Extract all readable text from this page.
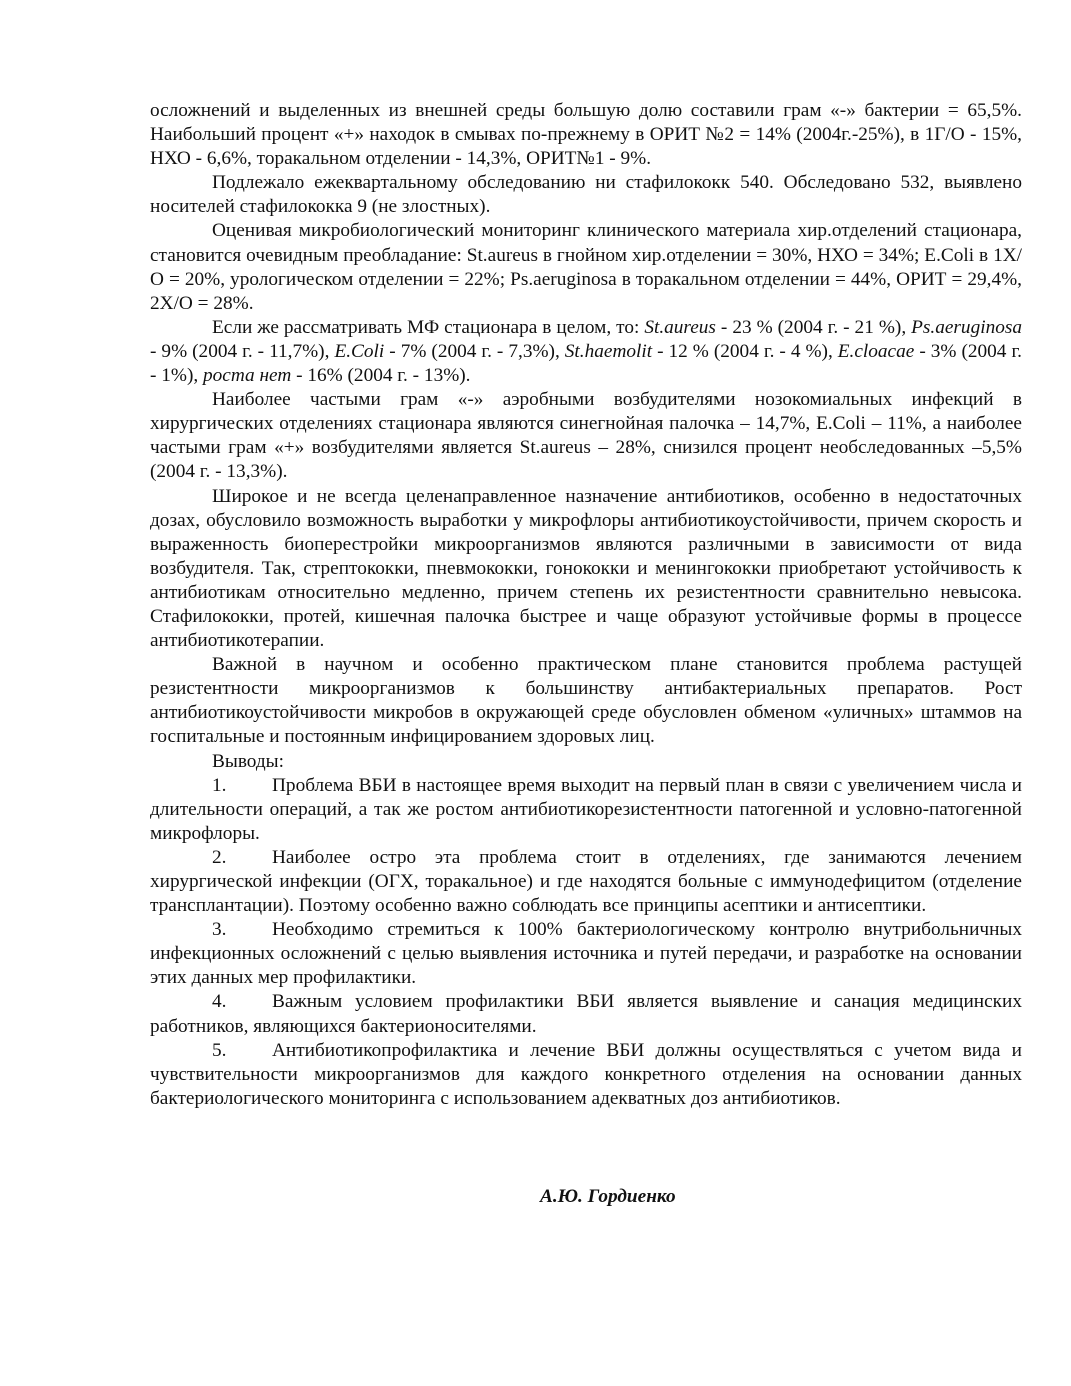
осложнений и выделенных из внешней среды большую долю составили грам «-» бактерии = 65,5%. Наибольший процент «+» находок в смывах по-прежнему в ОРИТ №2 = 14% (2004г.-25%), в 1Г/О - 15%, НХО - 6,6%, торакальном отделении - 14,3%, ОРИТ№1 - 9%.

Подлежало ежеквартальному обследованию ни стафилококк 540. Обследовано 532, выявлено носителей стафилококка 9 (не злостных).

Оценивая микробиологический мониторинг клинического материала хир.отделений стационара, становится очевидным преобладание: St.aureus в гнойном хир.отделении = 30%, НХО = 34%; E.Coli в 1Х/О = 20%, урологическом отделении = 22%; Ps.aeruginosa в торакальном отделении = 44%, ОРИТ = 29,4%, 2Х/О = 28%.

Если же рассматривать МФ стационара в целом, то: St.aureus - 23 % (2004 г. - 21 %), Ps.aeruginosa - 9% (2004 г. - 11,7%), E.Coli - 7% (2004 г. - 7,3%), St.haemolit - 12 % (2004 г. - 4 %), E.cloacae - 3% (2004 г. - 1%), роста нет - 16% (2004 г. - 13%).

Наиболее частыми грам «-» аэробными возбудителями нозокомиальных инфекций в хирургических отделениях стационара являются синегнойная палочка – 14,7%, E.Coli – 11%, а наиболее частыми грам «+» возбудителями является St.aureus – 28%, снизился процент необследованных –5,5% (2004 г. - 13,3%).

Широкое и не всегда целенаправленное назначение антибиотиков, особенно в недостаточных дозах, обусловило возможность выработки у микрофлоры антибиотикоустойчивости, причем скорость и выраженность биоперестройки микроорганизмов являются различными в зависимости от вида возбудителя. Так, стрептококки, пневмококки, гонококки и менингококки приобретают устойчивость к антибиотикам относительно медленно, причем степень их резистентности сравнительно невысока. Стафилококки, протей, кишечная палочка быстрее и чаще образуют устойчивые формы в процессе антибиотикотерапии.

Важной в научном и особенно практическом плане становится проблема растущей резистентности микроорганизмов к большинству антибактериальных препаратов. Рост антибиотикоустойчивости микробов в окружающей среде обусловлен обменом «уличных» штаммов на госпитальные и постоянным инфицированием здоровых лиц.

Выводы:

1. Проблема ВБИ в настоящее время выходит на первый план в связи с увеличением числа и длительности операций, а так же ростом антибиотикорезистентности патогенной и условно-патогенной микрофлоры.

2. Наиболее остро эта проблема стоит в отделениях, где занимаются лечением хирургической инфекции (ОГХ, торакальное) и где находятся больные с иммунодефицитом (отделение трансплантации). Поэтому особенно важно соблюдать все принципы асептики и антисептики.

3. Необходимо стремиться к 100% бактериологическому контролю внутрибольничных инфекционных осложнений с целью выявления источника и путей передачи, и разработке на основании этих данных мер профилактики.

4. Важным условием профилактики ВБИ является выявление и санация медицинских работников, являющихся бактерионосителями.

5. Антибиотикопрофилактика и лечение ВБИ должны осуществляться с учетом вида и чувствительности микроорганизмов для каждого конкретного отделения на основании данных бактериологического мониторинга с использованием адекватных доз антибиотиков.

А.Ю. Гордиенко
